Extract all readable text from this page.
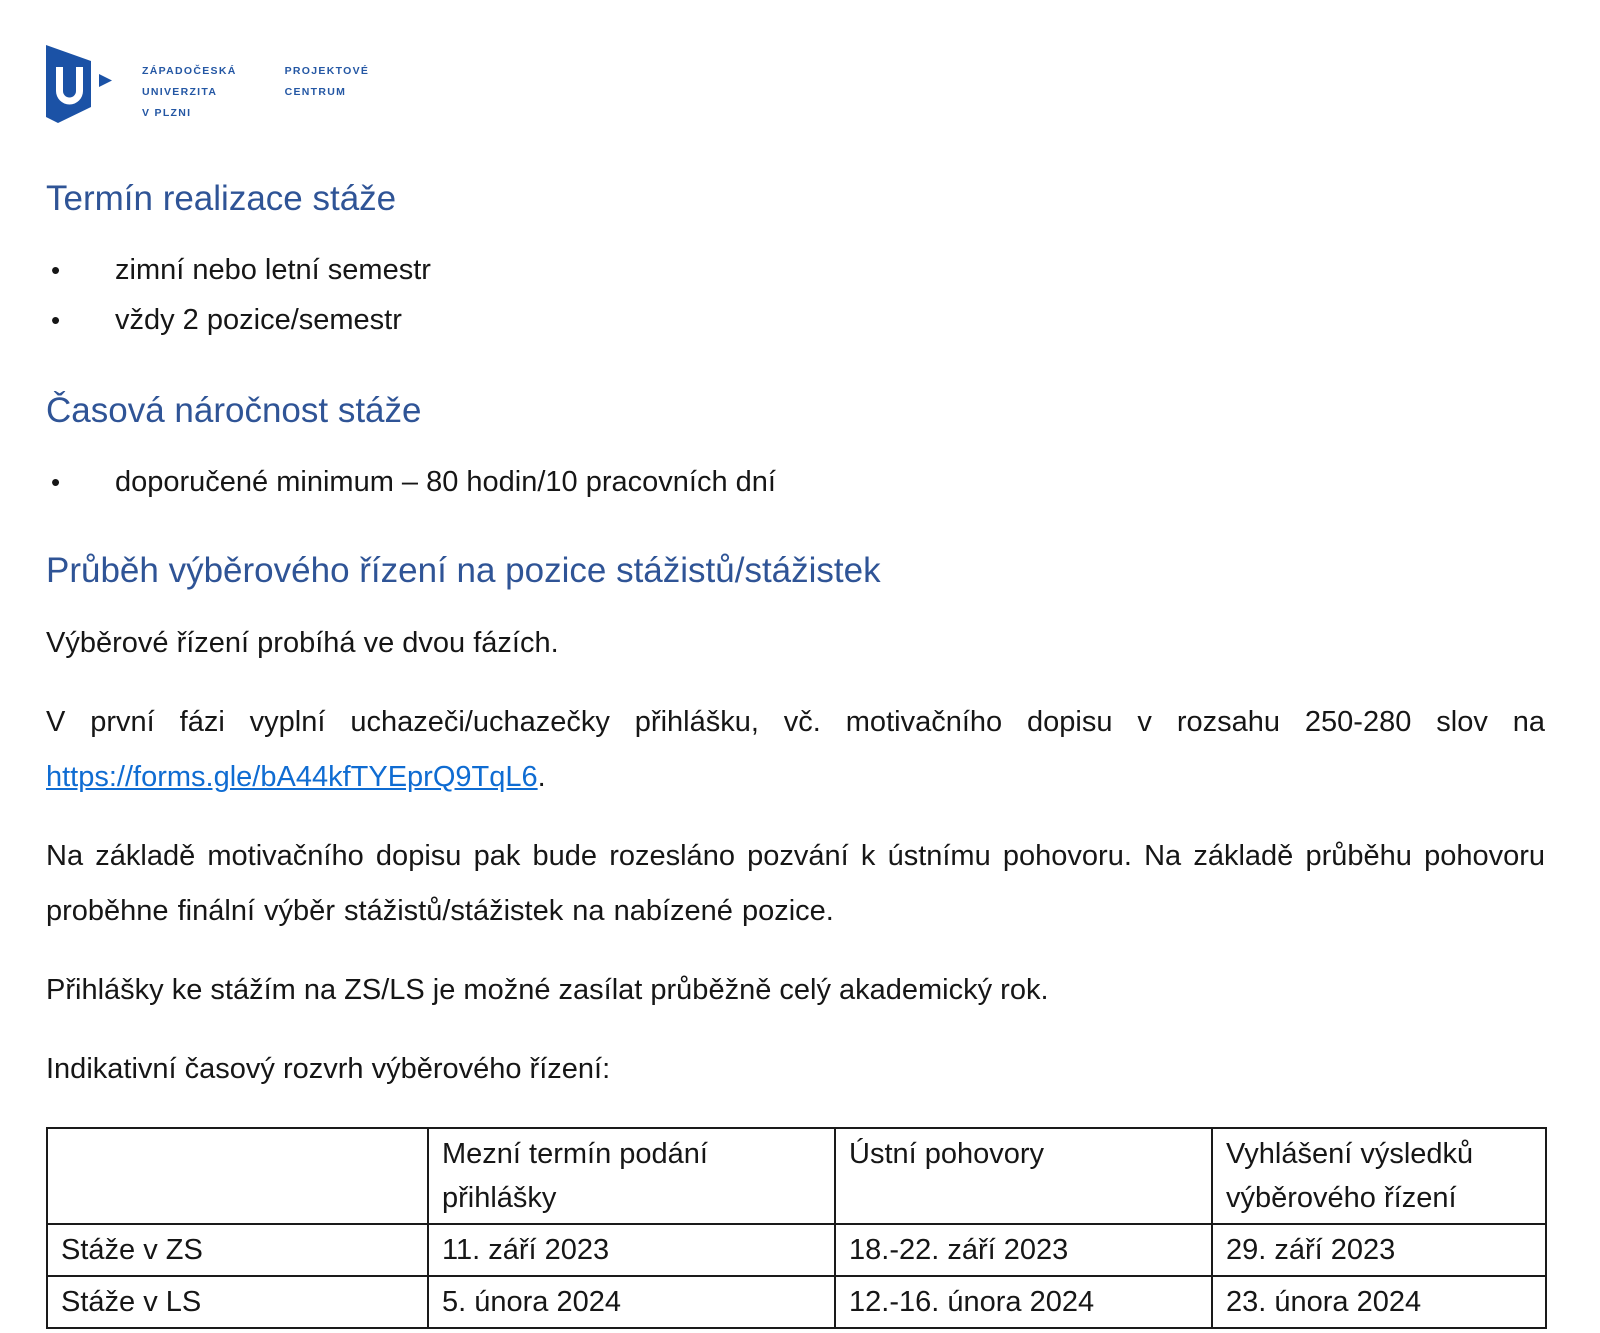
ZÁPADOČESKÁ
UNIVERZITA
V PLZNI
PROJEKTOVÉ
CENTRUM
Termín realizace stáže
• zimní nebo letní semestr
• vždy 2 pozice/semestr
Časová náročnost stáže
• doporučené minimum – 80 hodin/10 pracovních dní
Průběh výběrového řízení na pozice stážistů/stážistek

Výběrové řízení probíhá ve dvou fázích.

V první fázi vyplní uchazeči/uchazečky přihlášku, vč. motivačního dopisu v rozsahu 250-280 slov na https://forms.gle/bA44kfTYEprQ9TqL6.

Na základě motivačního dopisu pak bude rozesláno pozvání k ústnímu pohovoru. Na základě průběhu pohovoru proběhne finální výběr stážistů/stážistek na nabízené pozice.

Přihlášky ke stážím na ZS/LS je možné zasílat průběžně celý akademický rok.

Indikativní časový rozvrh výběrového řízení:

	Mezní termín podání přihlášky	Ústní pohovory	Vyhlášení výsledků výběrového řízení
Stáže v ZS	11. září 2023	18.-22. září 2023	29. září 2023
Stáže v LS	5. února 2024	12.-16. února 2024	23. února 2024
